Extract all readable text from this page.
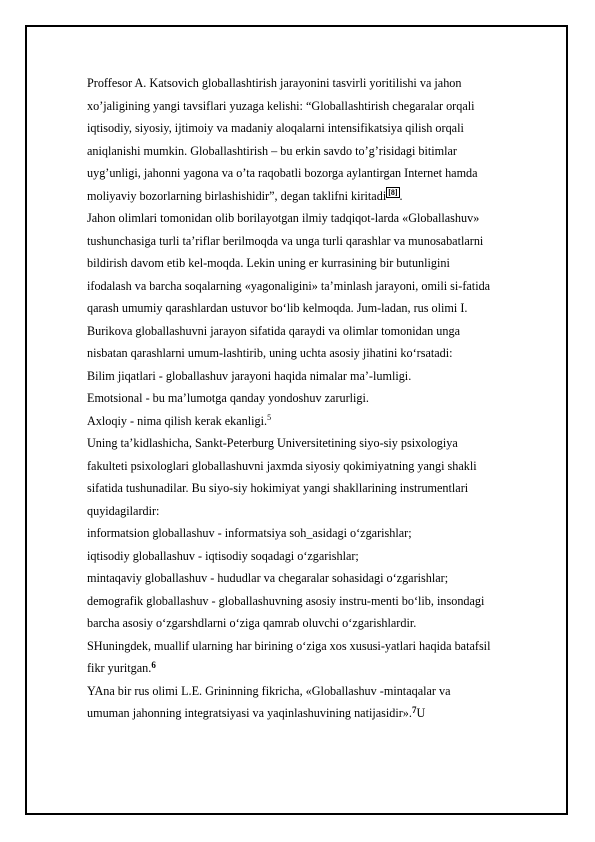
Proffesor A. Katsovich globallashtirish jarayonini tasvirli yoritilishi va jahon
xo’jaligining yangi tavsiflari yuzaga kelishi: “Globallashtirish chegaralar orqali
iqtisodiy, siyosiy, ijtimoiy va madaniy aloqalarni intensifikatsiya qilish orqali
aniqlanishi mumkin. Globallashtirish – bu erkin savdo to’g’risidagi bitimlar
uyg’unligi, jahonni yagona va o’ta raqobatli bozorga aylantirgan Internet hamda
moliyaviy bozorlarning birlashishidir”, degan taklifni kiritadi [8] .
Jahon olimlari tomonidan olib borilayotgan ilmiy tadqiqot-larda «Globallashuv»
tushunchasiga turli ta’riflar berilmoqda va unga turli qarashlar va munosabatlarni
bildirish davom etib kel-moqda. Lekin uning er kurrasining bir butunligini
ifodalash va barcha soqalarning «yagonaligini» ta’minlash jarayoni, omili si-fatida
qarash umumiy qarashlardan ustuvor bo‘lib kelmoqda. Jum-ladan, rus olimi I.
Burikova globallashuvni jarayon sifatida qaraydi va olimlar tomonidan unga
nisbatan qarashlarni umum-lashtirib, uning uchta asosiy jihatini ko‘rsatadi:
Bilim jiqatlari - globallashuv jarayoni haqida nimalar ma’-lumligi.
Emotsional - bu ma’lumotga qanday yondoshuv zarurligi.
Axloqiy - nima qilish kerak ekanligi.$^5$
Uning ta’kidlashicha, Sankt-Peterburg Universitetining siyo-siy psixologiya
fakulteti psixologlari globallashuvni jaxmda siyosiy qokimiyatning yangi shakli
sifatida tushunadilar. Bu siyo-siy hokimiyat yangi shakllarining instrumentlari
quyidagilardir:
informatsion globallashuv - informatsiya soh_asidagi o‘zgarishlar;
iqtisodiy globallashuv - iqtisodiy soqadagi o‘zgarishlar;
mintaqaviy globallashuv - hududlar va chegaralar sohasidagi o‘zgarishlar;
demografik globallashuv - globallashuvning asosiy instru-menti bo‘lib, insondagi
barcha asosiy o‘zgarshdlarni o‘ziga qamrab oluvchi o‘zgarishlardir.
SHuningdek, muallif ularning har birining o‘ziga xos xususi-yatlari haqida batafsil
fikr yuritgan.$^6$
YAna bir rus olimi L.E. Grininning fikricha, «Globallashuv -mintaqalar va
umuman jahonning integratsiyasi va yaqinlashuvining natijasidir».$^7$U
